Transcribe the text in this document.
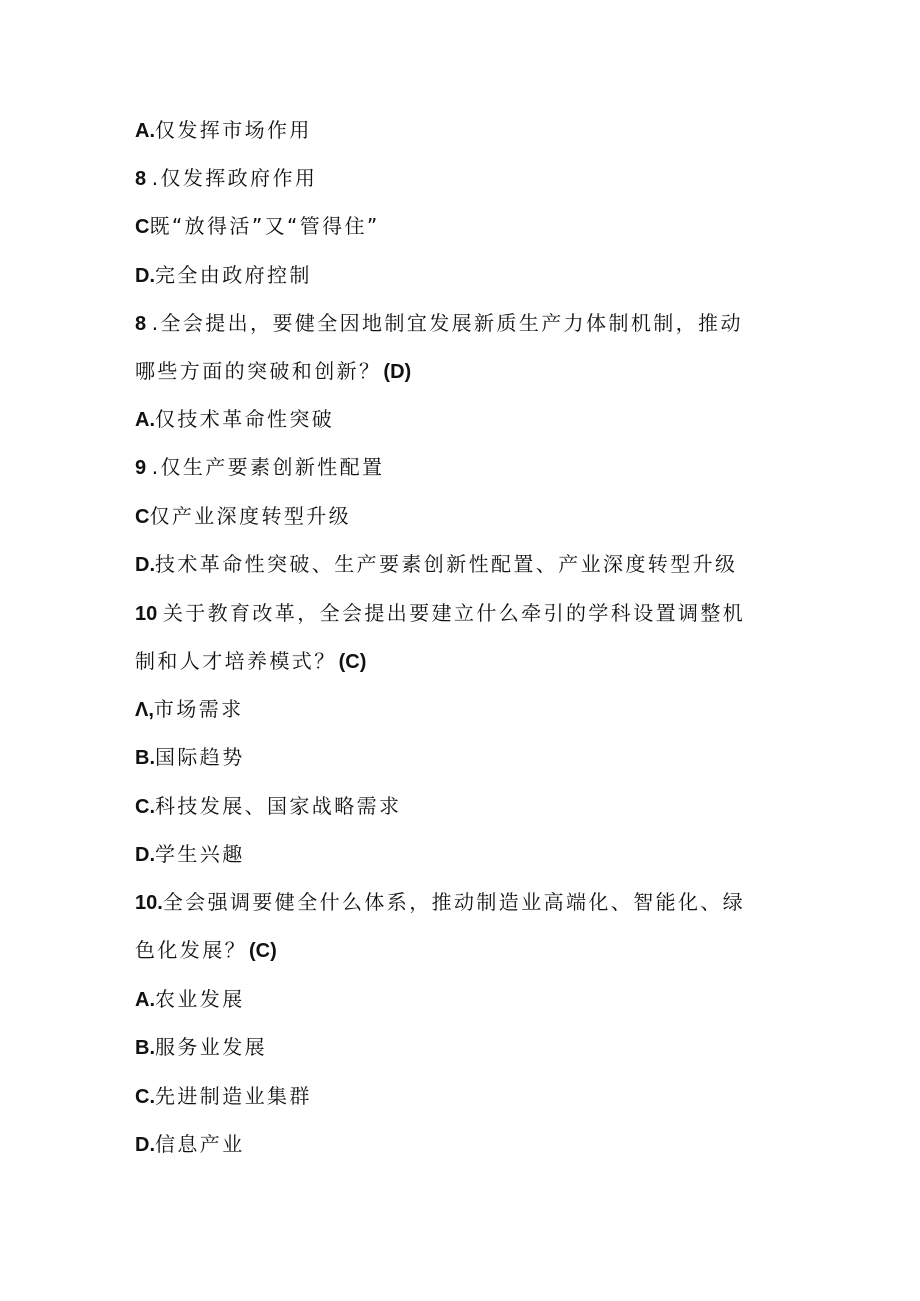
A.仅发挥市场作用
8 .仅发挥政府作用
C既“放得活”又“管得住”
D.完全由政府控制
8 .全会提出，要健全因地制宜发展新质生产力体制机制，推动
哪些方面的突破和创新？ (D)
A.仅技术革命性突破
9 .仅生产要素创新性配置
C仅产业深度转型升级
D.技术革命性突破、生产要素创新性配置、产业深度转型升级
10 关于教育改革，全会提出要建立什么牵引的学科设置调整机
制和人才培养模式？ (C)
Λ,市场需求
B.国际趋势
C.科技发展、国家战略需求
D.学生兴趣
10.全会强调要健全什么体系，推动制造业高端化、智能化、绿
色化发展？ (C)
A.农业发展
B.服务业发展
C.先进制造业集群
D.信息产业
